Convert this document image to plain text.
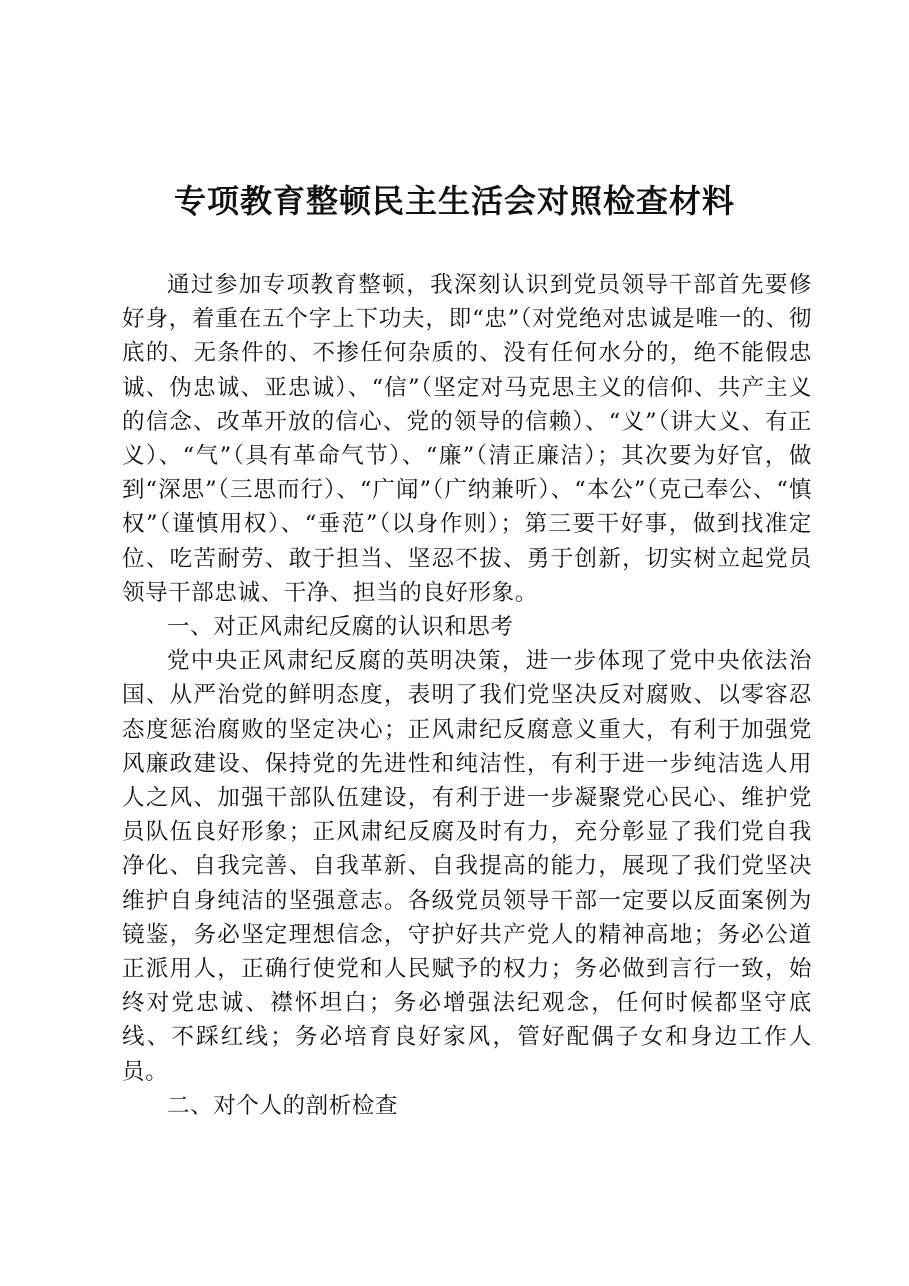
专项教育整顿民主生活会对照检查材料

通过参加专项教育整顿，我深刻认识到党员领导干部首先要修好身，着重在五个字上下功夫，即“忠”（对党绝对忠诚是唯一的、彻底的、无条件的、不掺任何杂质的、没有任何水分的，绝不能假忠诚、伪忠诚、亚忠诚）、“信”（坚定对马克思主义的信仰、共产主义的信念、改革开放的信心、党的领导的信赖）、“义”（讲大义、有正义）、“气”（具有革命气节）、“廉”（清正廉洁）；其次要为好官，做到“深思”（三思而行）、“广闻”（广纳兼听）、“本公”（克己奉公、“慎权”（谨慎用权）、“垂范”（以身作则）；第三要干好事，做到找准定位、吃苦耐劳、敢于担当、坚忍不拔、勇于创新，切实树立起党员领导干部忠诚、干净、担当的良好形象。

一、对正风肃纪反腐的认识和思考

党中央正风肃纪反腐的英明决策，进一步体现了党中央依法治国、从严治党的鲜明态度，表明了我们党坚决反对腐败、以零容忍态度惩治腐败的坚定决心；正风肃纪反腐意义重大，有利于加强党风廉政建设、保持党的先进性和纯洁性，有利于进一步纯洁选人用人之风、加强干部队伍建设，有利于进一步凝聚党心民心、维护党员队伍良好形象；正风肃纪反腐及时有力，充分彰显了我们党自我净化、自我完善、自我革新、自我提高的能力，展现了我们党坚决维护自身纯洁的坚强意志。各级党员领导干部一定要以反面案例为镜鉴，务必坚定理想信念，守护好共产党人的精神高地；务必公道正派用人，正确行使党和人民赋予的权力；务必做到言行一致，始终对党忠诚、襟怀坦白；务必增强法纪观念，任何时候都坚守底线、不踩红线；务必培育良好家风，管好配偶子女和身边工作人员。

二、对个人的剖析检查
